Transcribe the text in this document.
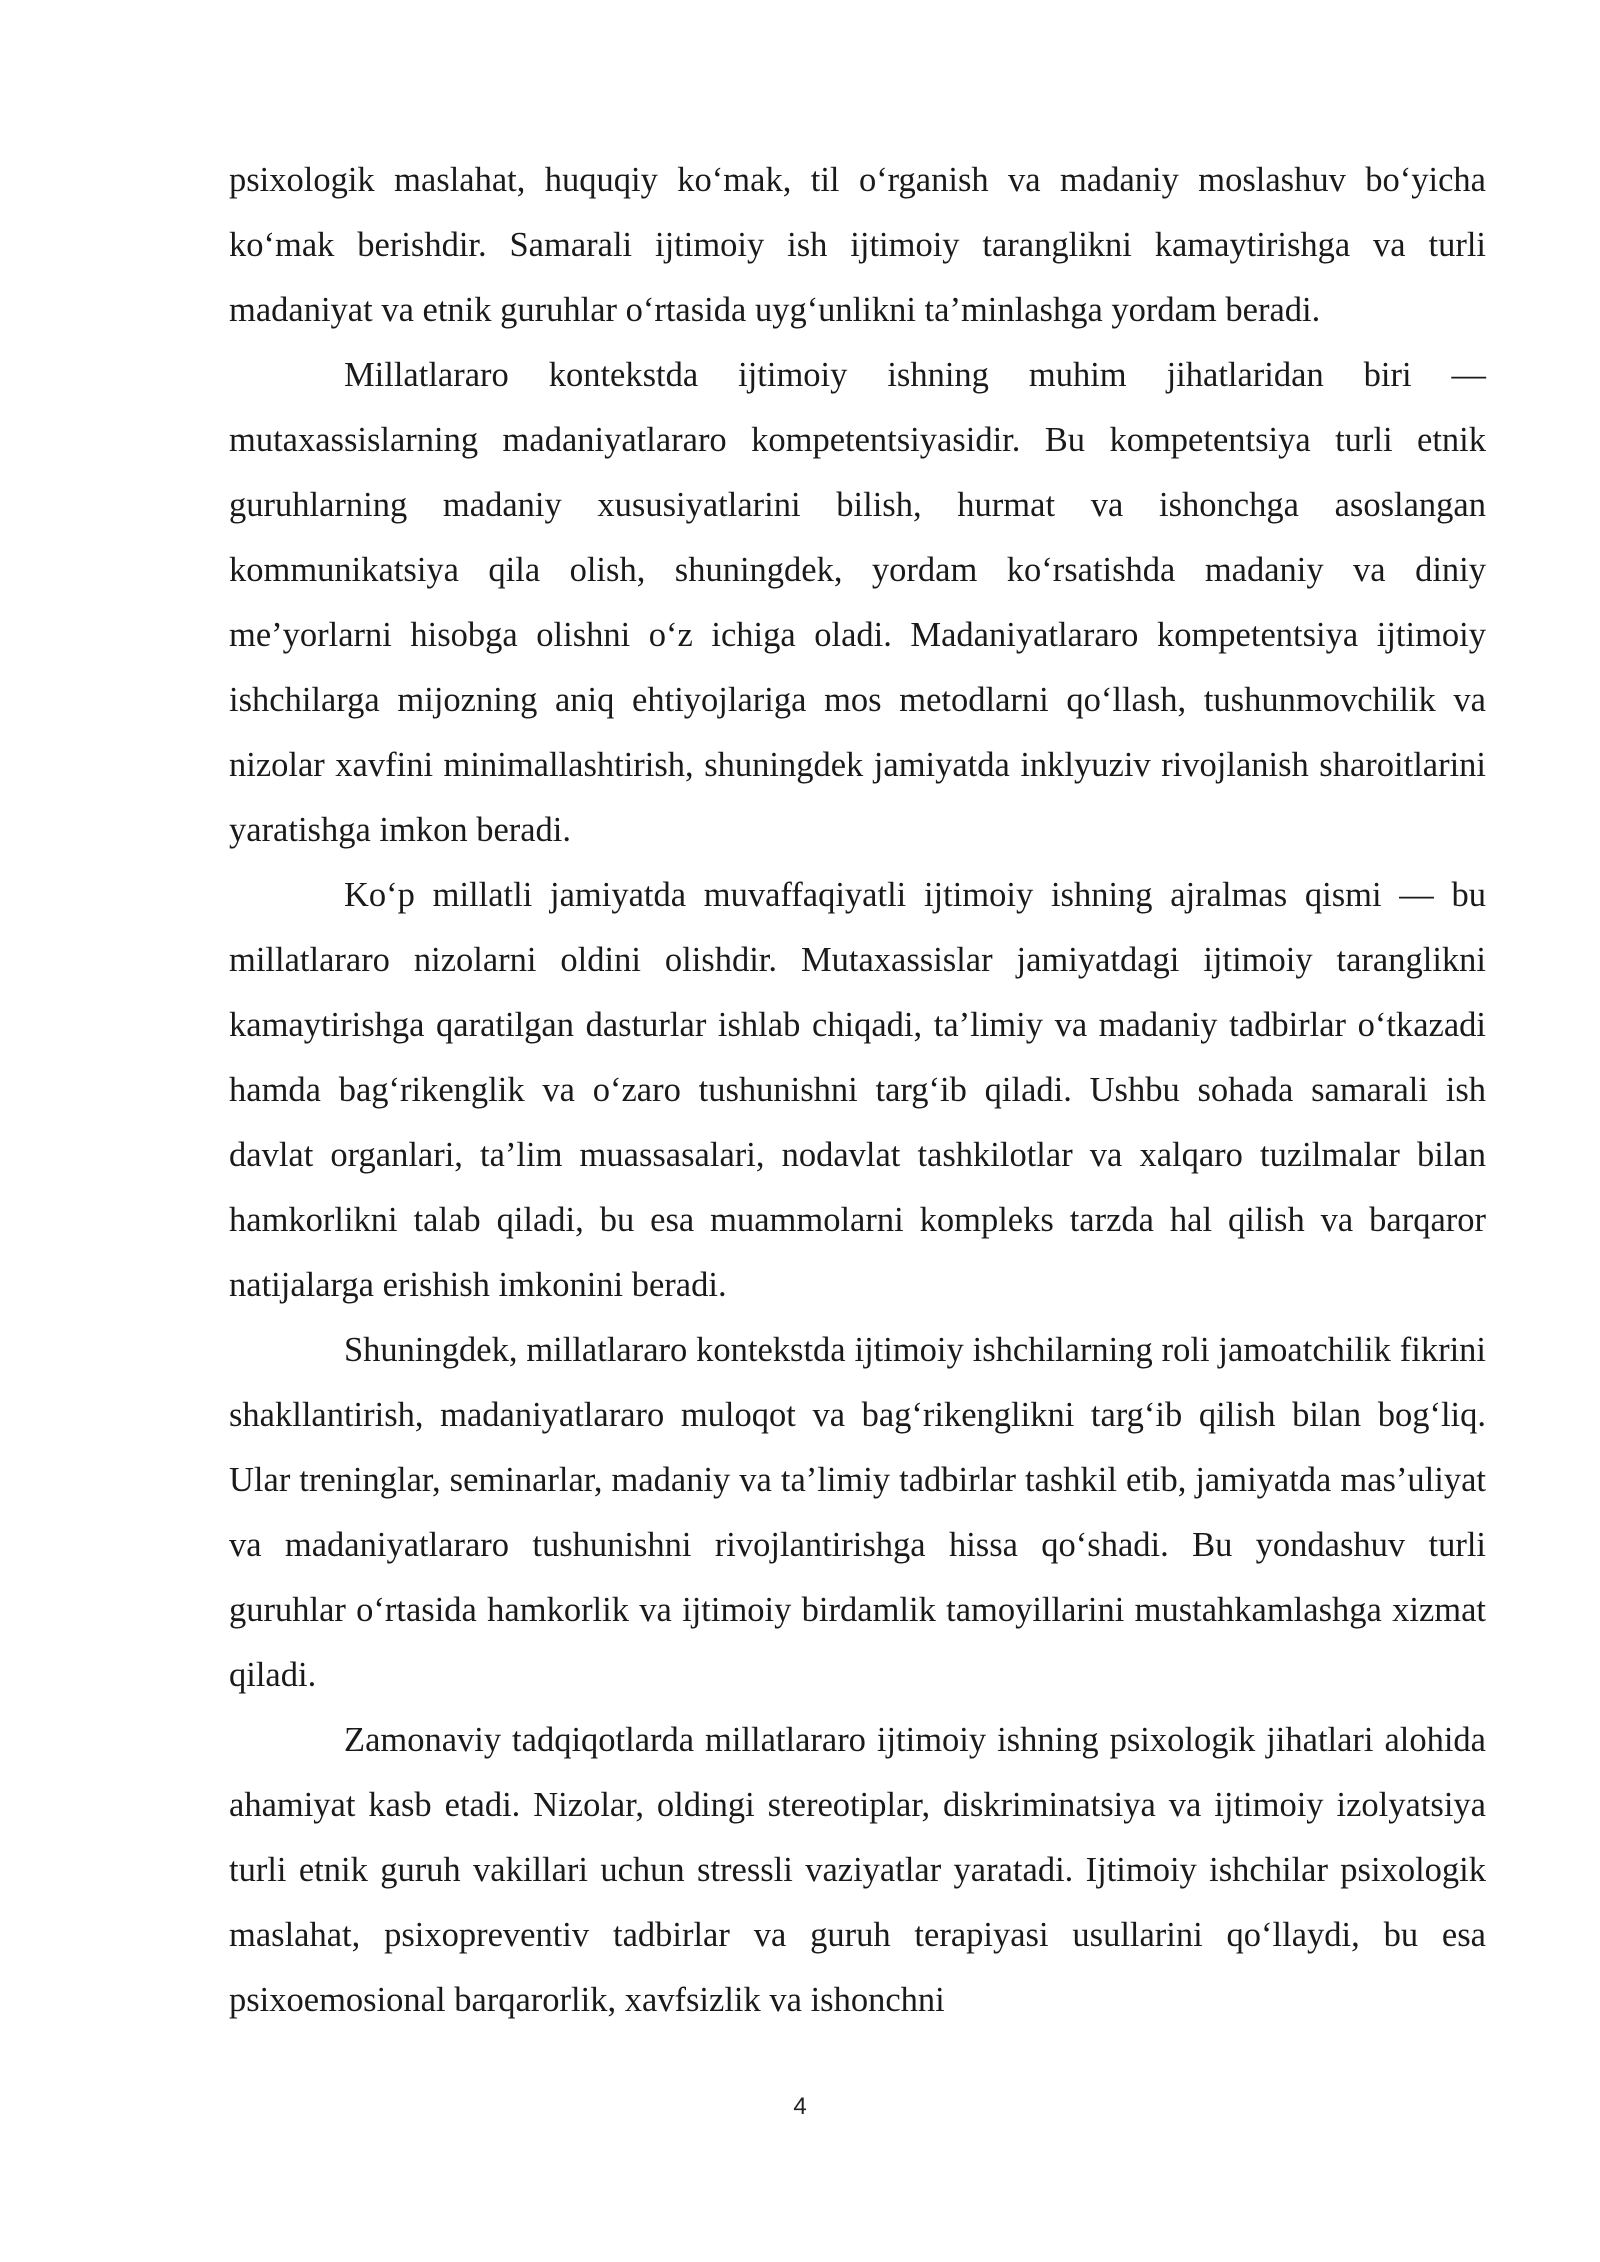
psixologik maslahat, huquqiy ko‘mak, til o‘rganish va madaniy moslashuv bo‘yicha ko‘mak berishdir. Samarali ijtimoiy ish ijtimoiy taranglikni kamaytirishga va turli madaniyat va etnik guruhlar o‘rtasida uyg‘unlikni ta’minlashga yordam beradi.

Millatlararo kontekstda ijtimoiy ishning muhim jihatlaridan biri — mutaxassislarning madaniyatlararo kompetentsiyasidir. Bu kompetentsiya turli etnik guruhlarning madaniy xususiyatlarini bilish, hurmat va ishonchga asoslangan kommunikatsiya qila olish, shuningdek, yordam ko‘rsatishda madaniy va diniy me’yorlarni hisobga olishni o‘z ichiga oladi. Madaniyatlararo kompetentsiya ijtimoiy ishchilarga mijozning aniq ehtiyojlariga mos metodlarni qo‘llash, tushunmovchilik va nizolar xavfini minimallashtirish, shuningdek jamiyatda inklyuziv rivojlanish sharoitlarini yaratishga imkon beradi.

Ko‘p millatli jamiyatda muvaffaqiyatli ijtimoiy ishning ajralmas qismi — bu millatlararo nizolarni oldini olishdir. Mutaxassislar jamiyatdagi ijtimoiy taranglikni kamaytirishga qaratilgan dasturlar ishlab chiqadi, ta’limiy va madaniy tadbirlar o‘tkazadi hamda bag‘rikenglik va o‘zaro tushunishni targ‘ib qiladi. Ushbu sohada samarali ish davlat organlari, ta’lim muassasalari, nodavlat tashkilotlar va xalqaro tuzilmalar bilan hamkorlikni talab qiladi, bu esa muammolarni kompleks tarzda hal qilish va barqaror natijalarga erishish imkonini beradi.

Shuningdek, millatlararo kontekstda ijtimoiy ishchilarning roli jamoatchilik fikrini shakllantirish, madaniyatlararo muloqot va bag‘rikenglikni targ‘ib qilish bilan bog‘liq. Ular treninglar, seminarlar, madaniy va ta’limiy tadbirlar tashkil etib, jamiyatda mas’uliyat va madaniyatlararo tushunishni rivojlantirishga hissa qo‘shadi. Bu yondashuv turli guruhlar o‘rtasida hamkorlik va ijtimoiy birdamlik tamoyillarini mustahkamlashga xizmat qiladi.

Zamonaviy tadqiqotlarda millatlararo ijtimoiy ishning psixologik jihatlari alohida ahamiyat kasb etadi. Nizolar, oldingi stereotiplar, diskriminatsiya va ijtimoiy izolyatsiya turli etnik guruh vakillari uchun stressli vaziyatlar yaratadi. Ijtimoiy ishchilar psixologik maslahat, psixopreventiv tadbirlar va guruh terapiyasi usullarini qo‘llaydi, bu esa psixoemosional barqarorlik, xavfsizlik va ishonchni

4
